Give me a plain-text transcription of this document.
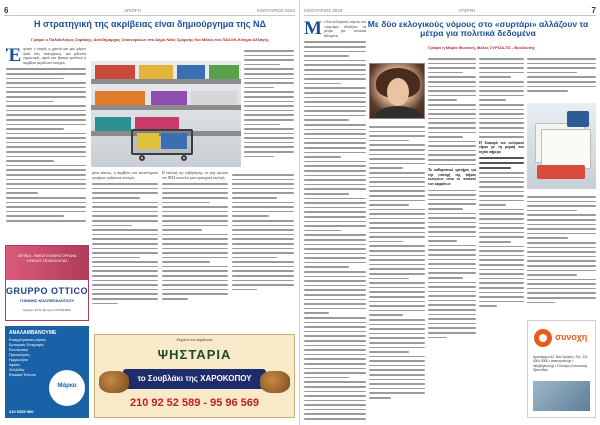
6	ΑΠΟΨΗ	ΙΑΝΟΥΑΡΙΟΣ 2023
Η στρατηγική της ακρίβειας είναι δημιούργημα της ΝΔ
Γράφει ο Παλαίολογος Σαράκης, Αντιδήμαρχος Οικονομικών στο Δήμο Νέας Σμύρνης Και Μέλος του ΠΑΣΟΚ-Κίνημα Αλλαγής
Έ φτασε ο καιρός η χρονιά και μας φέρνει ξανά νέες ανατιμήσεις, και μάλιστα σημαντικές, αφού στα βασικά προϊόντα η ακρίβεια μεγαλώνει συνεχώς.

μένα κάστος, η ακρίβεια στα καταστήματα τροφίμων αυξάνεται συνεχώς.

Η επιλογή της κυβέρνησης, να μην μειώσει τον ΦΠΑ αποτελεί μια στρατηγική επιλογή.

ΟΠΤΙΚΑ - ΦΑΚΟΙ ΕΠΑΦΗΣ ΟΡΓΑΝΑ ΥΨΗΛΗΣ ΤΕΧΝΟΛΟΓΙΑΣ
GRUPPO OTTICO
ΓΙΑΝΝΗΣ ΚΟΛΥΜΠΑΛΟΓΛΟΥ
Ομήρου 18 Ν. Σμύρνη 210 9313511
ΑΝΑΛΑΜΒΑΝΟΥΜΕ
Επαγγελματικές κάρτες
Εμπορικές Επιγραφές
Εκτυπώσεις
Προσκλήσεις
Ημερολόγια
Αφίσες
Φυλλάδια
Εταιρικά Έντυπα
Μάρκο
210 9355 960
Ψημένα στα κάρβουνα
ΨΗΣΤΑΡΙΑ
το Σουβλάκι της ΧΑΡΟΚΟΠΟΥ
210 92 52 589 - 95 96 569
ΙΑΝΟΥΑΡΙΟΣ 2023	ΑΠΟΨΗ	7
Με δύο εκλογικούς νόμους στο «συρτάρι» αλλάζουν τα μέτρα για πολιτικά δεδομένα
Γράφει η Μαρία Φωτεινή, Μέλος ΣΥΡΙΖΑ-ΠΣ - Βουλευτής
Μ ε δύο εκλογικούς νόμους στο «συρτάρι» αλλάζουν τα μέτρα για πολιτικά δεδομένα.

Το καθοριστικό κριτήριο για την επιλογή της ψήφου εκλογείων είναι το ποσοστό των κομμάτων

Η διαφορά του εκλογικού νόμου με τη μορφή που ισχύει σήμερα

συνοχη
Αριστάρχου 42, Νέα Σμύρνη • Τηλ. 211 4004 0000 • www.synoxi.gr • info@synoxi.gr • Σύλλογος Κοινωνικής Φροντίδας
